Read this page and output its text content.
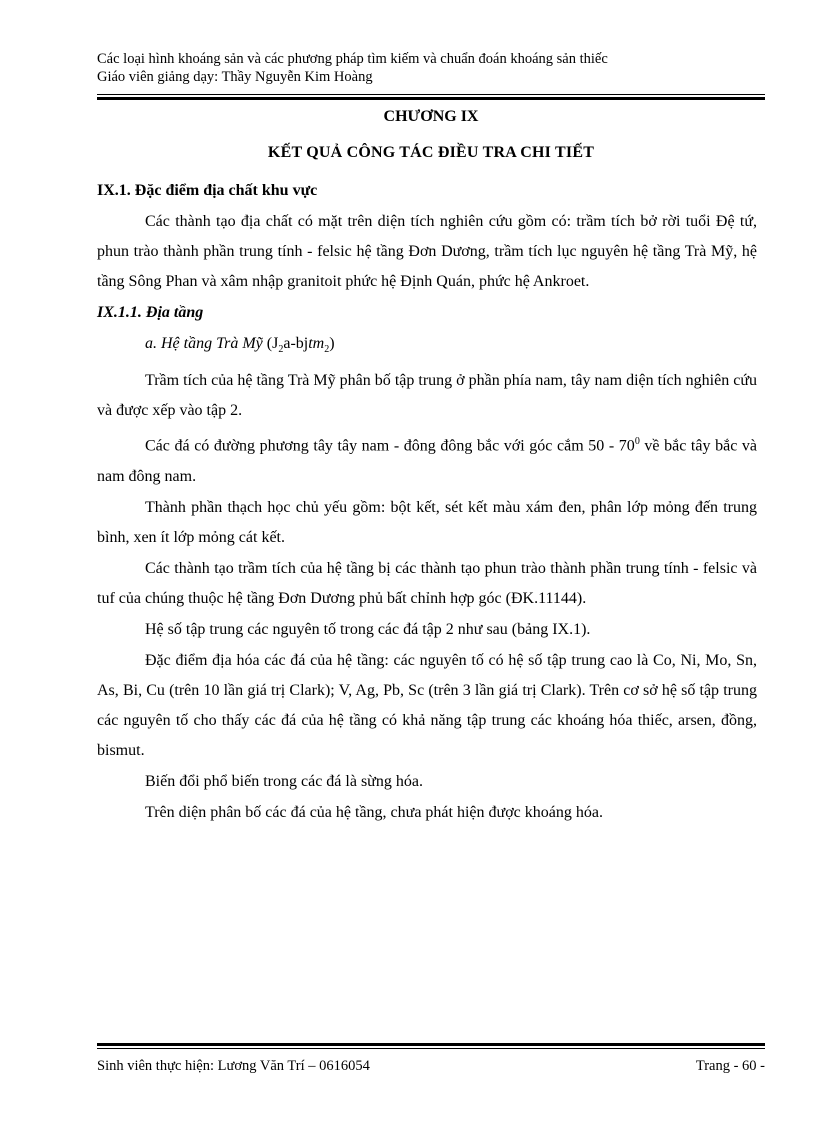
Các loại hình khoáng sản và các phương pháp tìm kiếm và chuẩn đoán khoáng sản thiếc
Giáo viên giảng dạy: Thầy Nguyễn Kim Hoàng
CHƯƠNG IX
KẾT QUẢ CÔNG TÁC ĐIỀU TRA CHI TIẾT

IX.1. Đặc điểm địa chất khu vực

Các thành tạo địa chất có mặt trên diện tích nghiên cứu gồm có: trầm tích bở rời tuổi Đệ tứ, phun trào thành phần trung tính - felsic hệ tầng Đơn Dương, trầm tích lục nguyên hệ tầng Trà Mỹ, hệ tầng Sông Phan và xâm nhập granitoit phức hệ Định Quán, phức hệ Ankroet.

IX.1.1. Địa tầng

a. Hệ tầng Trà Mỹ $(J_2a-bjtm_2)$

Trầm tích của hệ tầng Trà Mỹ phân bố tập trung ở phần phía nam, tây nam diện tích nghiên cứu và được xếp vào tập 2.

Các đá có đường phương tây tây nam - đông đông bắc với góc cắm $50 - 70^0$ về bắc tây bắc và nam đông nam.

Thành phần thạch học chủ yếu gồm: bột kết, sét kết màu xám đen, phân lớp mỏng đến trung bình, xen ít lớp mỏng cát kết.

Các thành tạo trầm tích của hệ tầng bị các thành tạo phun trào thành phần trung tính - felsic và tuf của chúng thuộc hệ tầng Đơn Dương phủ bất chỉnh hợp góc (ĐK.11144).

Hệ số tập trung các nguyên tố trong các đá tập 2 như sau (bảng IX.1).

Đặc điểm địa hóa các đá của hệ tầng: các nguyên tố có hệ số tập trung cao là Co, Ni, Mo, Sn, As, Bi, Cu (trên 10 lần giá trị Clark); V, Ag, Pb, Sc (trên 3 lần giá trị Clark). Trên cơ sở hệ số tập trung các nguyên tố cho thấy các đá của hệ tầng có khả năng tập trung các khoáng hóa thiếc, arsen, đồng, bismut.

Biến đổi phổ biến trong các đá là sừng hóa.

Trên diện phân bố các đá của hệ tầng, chưa phát hiện được khoáng hóa.

Sinh viên thực hiện: Lương Văn Trí – 0616054	Trang - 60 -
